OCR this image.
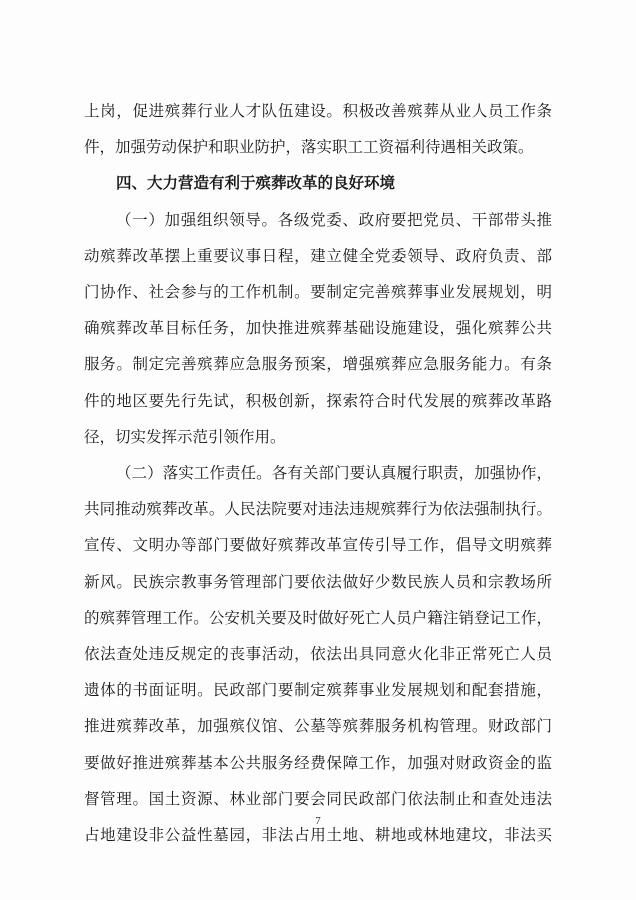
上岗，促进殡葬行业人才队伍建设。积极改善殡葬从业人员工作条
件，加强劳动保护和职业防护，落实职工工资福利待遇相关政策。
四、大力营造有利于殡葬改革的良好环境
（一）加强组织领导。各级党委、政府要把党员、干部带头推
动殡葬改革摆上重要议事日程，建立健全党委领导、政府负责、部
门协作、社会参与的工作机制。要制定完善殡葬事业发展规划，明
确殡葬改革目标任务，加快推进殡葬基础设施建设，强化殡葬公共
服务。制定完善殡葬应急服务预案，增强殡葬应急服务能力。有条
件的地区要先行先试，积极创新，探索符合时代发展的殡葬改革路
径，切实发挥示范引领作用。
（二）落实工作责任。各有关部门要认真履行职责，加强协作，
共同推动殡葬改革。人民法院要对违法违规殡葬行为依法强制执行。
宣传、文明办等部门要做好殡葬改革宣传引导工作，倡导文明殡葬
新风。民族宗教事务管理部门要依法做好少数民族人员和宗教场所
的殡葬管理工作。公安机关要及时做好死亡人员户籍注销登记工作，
依法查处违反规定的丧事活动，依法出具同意火化非正常死亡人员
遗体的书面证明。民政部门要制定殡葬事业发展规划和配套措施，
推进殡葬改革，加强殡仪馆、公墓等殡葬服务机构管理。财政部门
要做好推进殡葬基本公共服务经费保障工作，加强对财政资金的监
督管理。国土资源、林业部门要会同民政部门依法制止和查处违法
占地建设非公益性墓园，非法占用土地、耕地或林地建坟，非法买
7
